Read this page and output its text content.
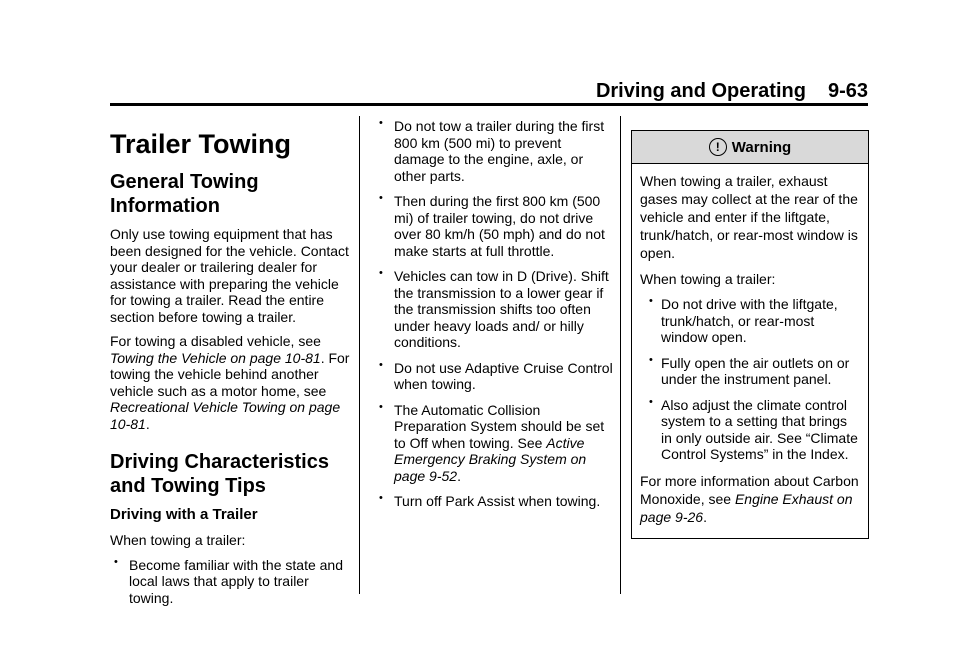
Driving and Operating 9-63
Trailer Towing
General Towing Information

Only use towing equipment that has been designed for the vehicle. Contact your dealer or trailering dealer for assistance with preparing the vehicle for towing a trailer. Read the entire section before towing a trailer.

For towing a disabled vehicle, see Towing the Vehicle on page 10-81. For towing the vehicle behind another vehicle such as a motor home, see Recreational Vehicle Towing on page 10-81.

Driving Characteristics and Towing Tips
Driving with a Trailer

When towing a trailer:

• Become familiar with the state and local laws that apply to trailer towing.
• Do not tow a trailer during the first 800 km (500 mi) to prevent damage to the engine, axle, or other parts.
• Then during the first 800 km (500 mi) of trailer towing, do not drive over 80 km/h (50 mph) and do not make starts at full throttle.
• Vehicles can tow in D (Drive). Shift the transmission to a lower gear if the transmission shifts too often under heavy loads and/ or hilly conditions.
• Do not use Adaptive Cruise Control when towing.
• The Automatic Collision Preparation System should be set to Off when towing. See Active Emergency Braking System on page 9-52.
• Turn off Park Assist when towing.
! Warning

When towing a trailer, exhaust gases may collect at the rear of the vehicle and enter if the liftgate, trunk/hatch, or rear-most window is open.

When towing a trailer:

• Do not drive with the liftgate, trunk/hatch, or rear-most window open.
• Fully open the air outlets on or under the instrument panel.
• Also adjust the climate control system to a setting that brings in only outside air. See “Climate Control Systems” in the Index.

For more information about Carbon Monoxide, see Engine Exhaust on page 9-26.
